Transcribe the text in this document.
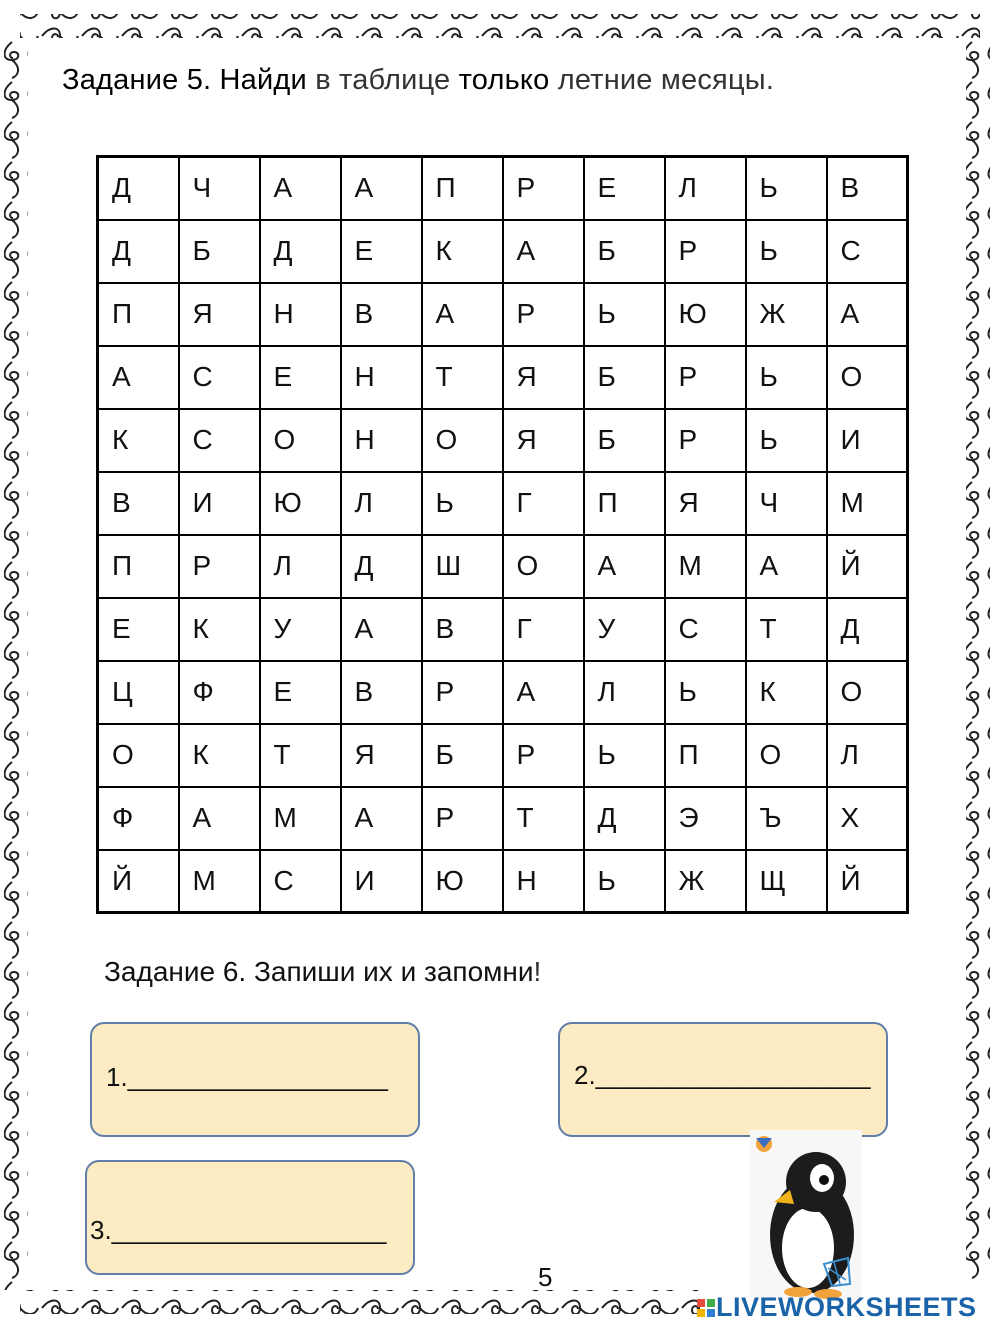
Задание 5. Найди в таблице только летние месяцы.
Д	Ч	А	А	П	Р	Е	Л	Ь	В
Д	Б	Д	Е	К	А	Б	Р	Ь	С
П	Я	Н	В	А	Р	Ь	Ю	Ж	А
А	С	Е	Н	Т	Я	Б	Р	Ь	О
К	С	О	Н	О	Я	Б	Р	Ь	И
В	И	Ю	Л	Ь	Г	П	Я	Ч	М
П	Р	Л	Д	Ш	О	А	М	А	Й
Е	К	У	А	В	Г	У	С	Т	Д
Ц	Ф	Е	В	Р	А	Л	Ь	К	О
О	К	Т	Я	Б	Р	Ь	П	О	Л
Ф	А	М	А	Р	Т	Д	Э	Ъ	Х
Й	М	С	И	Ю	Н	Ь	Ж	Щ	Й
Задание 6. Запиши их и запомни!
1.__________________	2.___________________
3.___________________
5
LIVEWORKSHEETS
